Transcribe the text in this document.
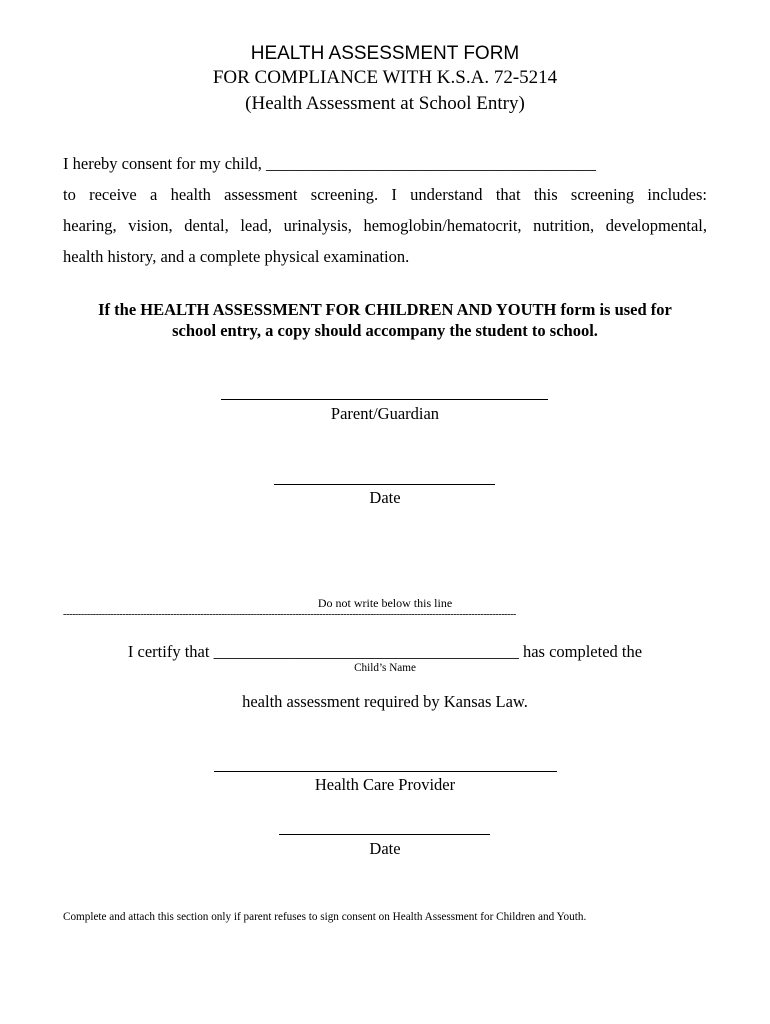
HEALTH ASSESSMENT FORM
FOR COMPLIANCE WITH K.S.A. 72-5214
(Health Assessment at School Entry)
I hereby consent for my child, ________________________________________
to receive a health assessment screening. I understand that this screening includes:
hearing, vision, dental, lead, urinalysis, hemoglobin/hematocrit, nutrition, developmental,
health history, and a complete physical examination.
If the HEALTH ASSESSMENT FOR CHILDREN AND YOUTH form is used for
school entry, a copy should accompany the student to school.
Parent/Guardian
Date
Do not write below this line
--------------------------------------------------------------------------------------------------------------------------------------------------------
I certify that _____________________________________ has completed the
Child’s Name
health assessment required by Kansas Law.
Health Care Provider
Date
Complete and attach this section only if parent refuses to sign consent on Health Assessment for Children and Youth.
